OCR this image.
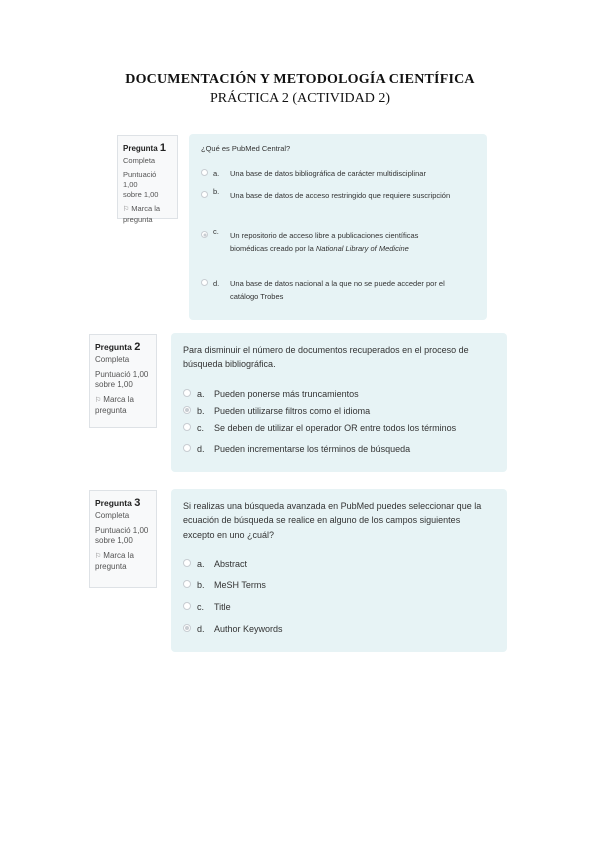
DOCUMENTACIÓN Y METODOLOGÍA CIENTÍFICA
PRÁCTICA 2 (ACTIVIDAD 2)
Pregunta 1
Completa
Puntuació 1,00
sobre 1,00
⚐ Marca la
pregunta
¿Qué es PubMed Central?
a.	Una base de datos bibliográfica de carácter multidisciplinar
b.	Una base de datos de acceso restringido que requiere suscripción
c.	Un repositorio de acceso libre a publicaciones científicas
biomédicas creado por la National Library of Medicine
d.	Una base de datos nacional a la que no se puede acceder por el
catálogo Trobes
Pregunta 2
Completa
Puntuació 1,00
sobre 1,00
⚐ Marca la
pregunta
Para disminuir el número de documentos recuperados en el proceso de
búsqueda bibliográfica.
a.	Pueden ponerse más truncamientos
b.	Pueden utilizarse filtros como el idioma
c.	Se deben de utilizar el operador OR entre todos los términos
d.	Pueden incrementarse los términos de búsqueda
Pregunta 3
Completa
Puntuació 1,00
sobre 1,00
⚐ Marca la
pregunta
Si realizas una búsqueda avanzada en PubMed puedes seleccionar que la
ecuación de búsqueda se realice en alguno de los campos siguientes
excepto en uno ¿cuál?
a.	Abstract
b.	MeSH Terms
c.	Title
d.	Author Keywords
